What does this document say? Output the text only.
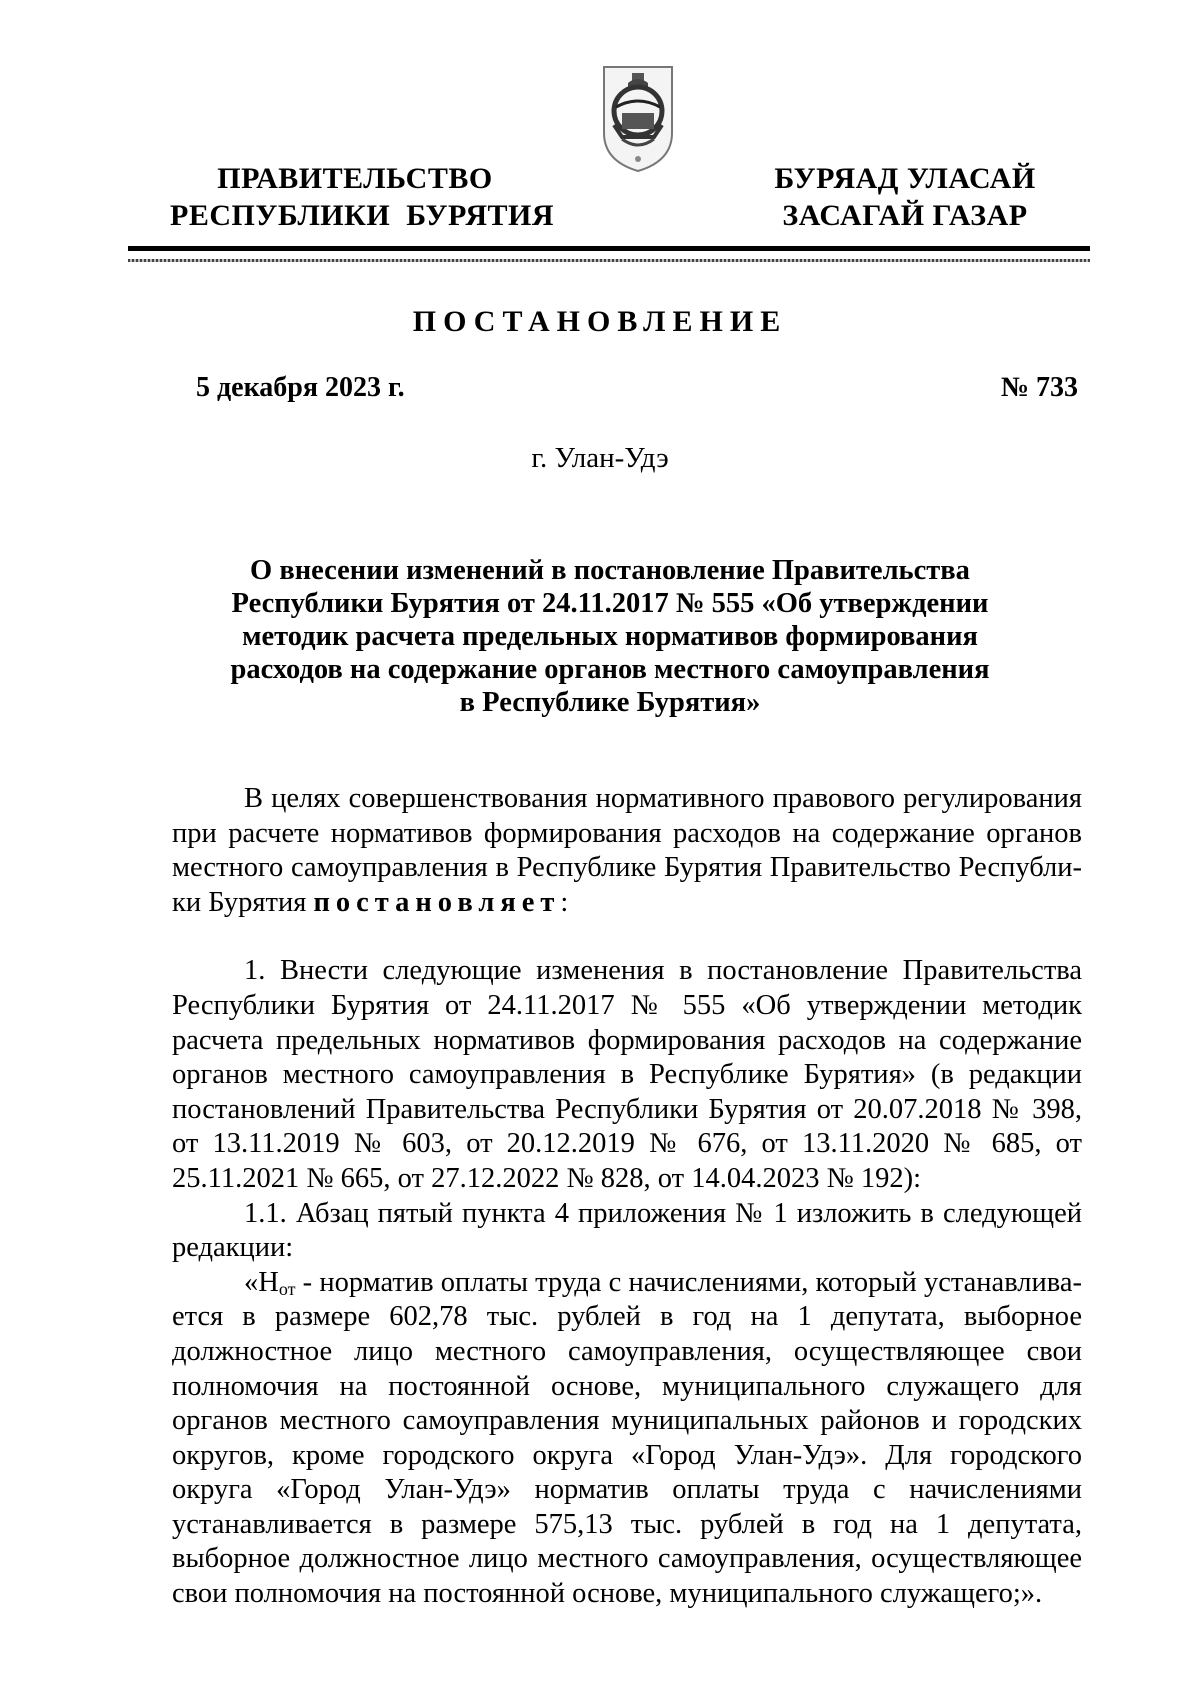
ПРАВИТЕЛЬСТВО
РЕСПУБЛИКИ  БУРЯТИЯ
БУРЯАД УЛАСАЙ
ЗАСАГАЙ ГАЗАР
ПОСТАНОВЛЕНИЕ
5 декабря 2023 г.	№ 733
г. Улан-Удэ
О внесении изменений в постановление Правительства
Республики Бурятия от 24.11.2017 № 555 «Об утверждении
методик расчета предельных нормативов формирования
расходов на содержание органов местного самоуправления
в Республике Бурятия»

В целях совершенствования нормативного правового регулирования при расчете нормативов формирования расходов на содержание органов местного самоуправления в Республике Бурятия Правительство Республики Бурятия постановляет:

1. Внести следующие изменения в постановление Правительства Республики Бурятия от 24.11.2017 № 555 «Об утверждении методик расчета предельных нормативов формирования расходов на содержание органов местного самоуправления в Республике Бурятия» (в редакции постановлений Правительства Республики Бурятия от 20.07.2018 № 398, от 13.11.2019 № 603, от 20.12.2019 № 676, от 13.11.2020 № 685, от 25.11.2021 № 665, от 27.12.2022 № 828, от 14.04.2023 № 192):

1.1. Абзац пятый пункта 4 приложения № 1 изложить в следующей редакции:

«$Н_{от}$ - норматив оплаты труда с начислениями, который устанавливается в размере 602,78 тыс. рублей в год на 1 депутата, выборное должностное лицо местного самоуправления, осуществляющее свои полномочия на постоянной основе, муниципального служащего для органов местного самоуправления муниципальных районов и городских округов, кроме городского округа «Город Улан-Удэ». Для городского округа «Город Улан-Удэ» норматив оплаты труда с начислениями устанавливается в размере 575,13 тыс. рублей в год на 1 депутата, выборное должностное лицо местного самоуправления, осуществляющее свои полномочия на постоянной основе, муниципального служащего;».
